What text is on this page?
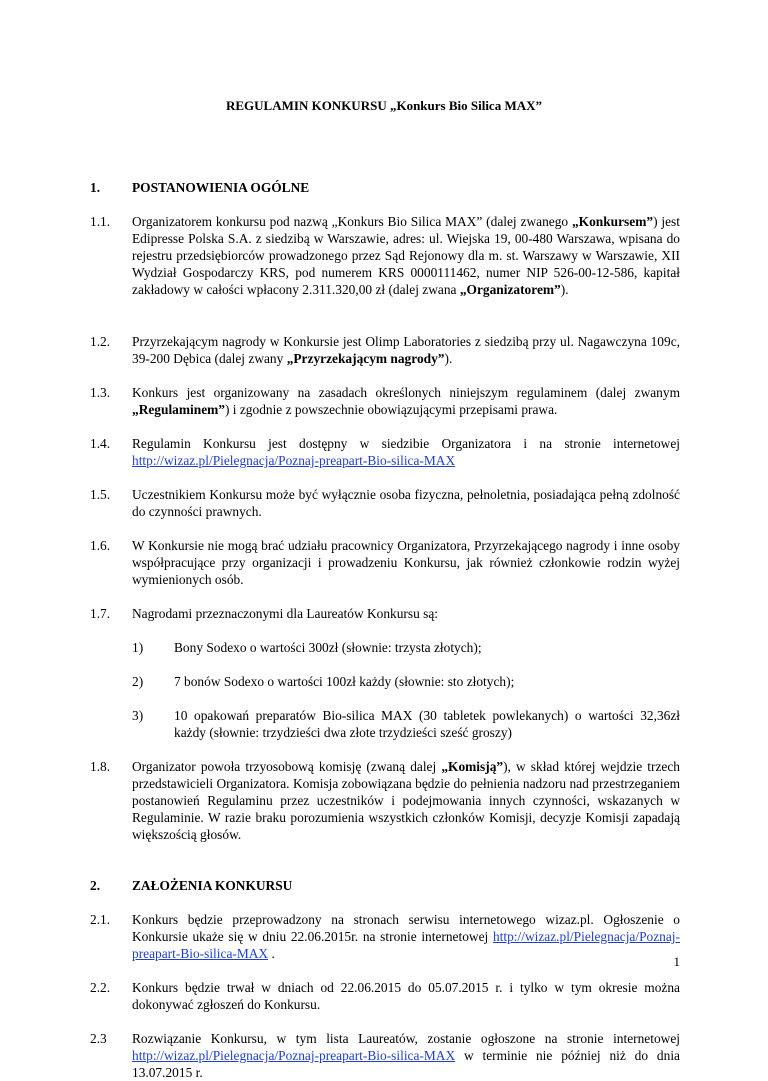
REGULAMIN KONKURSU „Konkurs Bio Silica MAX”
1. POSTANOWIENIA OGÓLNE
1.1. Organizatorem konkursu pod nazwą „Konkurs Bio Silica MAX” (dalej zwanego „Konkursem”) jest Edipresse Polska S.A. z siedzibą w Warszawie, adres: ul. Wiejska 19, 00-480 Warszawa, wpisana do rejestru przedsiębiorców prowadzonego przez Sąd Rejonowy dla m. st. Warszawy w Warszawie, XII Wydział Gospodarczy KRS, pod numerem KRS 0000111462, numer NIP 526-00-12-586, kapitał zakładowy w całości wpłacony 2.311.320,00 zł (dalej zwana „Organizatorem”).
1.2. Przyrzekającym nagrody w Konkursie jest Olimp Laboratories z siedzibą przy ul. Nagawczyna 109c, 39-200 Dębica (dalej zwany „Przyrzekającym nagrody”).
1.3. Konkurs jest organizowany na zasadach określonych niniejszym regulaminem (dalej zwanym „Regulaminem”) i zgodnie z powszechnie obowiązującymi przepisami prawa.
1.4. Regulamin Konkursu jest dostępny w siedzibie Organizatora i na stronie internetowej http://wizaz.pl/Pielegnacja/Poznaj-preapart-Bio-silica-MAX
1.5. Uczestnikiem Konkursu może być wyłącznie osoba fizyczna, pełnoletnia, posiadająca pełną zdolność do czynności prawnych.
1.6. W Konkursie nie mogą brać udziału pracownicy Organizatora, Przyrzekającego nagrody i inne osoby współpracujące przy organizacji i prowadzeniu Konkursu, jak również członkowie rodzin wyżej wymienionych osób.
1.7. Nagrodami przeznaczonymi dla Laureatów Konkursu są:
1) Bony Sodexo o wartości 300zł (słownie: trzysta złotych);
2) 7 bonów Sodexo o wartości 100zł każdy (słownie: sto złotych);
3) 10 opakowań preparatów Bio-silica MAX (30 tabletek powlekanych) o wartości 32,36zł każdy (słownie: trzydzieści dwa złote trzydzieści sześć groszy)
1.8. Organizator powoła trzyosobową komisję (zwaną dalej „Komisją”), w skład której wejdzie trzech przedstawicieli Organizatora. Komisja zobowiązana będzie do pełnienia nadzoru nad przestrzeganiem postanowień Regulaminu przez uczestników i podejmowania innych czynności, wskazanych w Regulaminie. W razie braku porozumienia wszystkich członków Komisji, decyzje Komisji zapadają większością głosów.
2. ZAŁOŻENIA KONKURSU
1
2.1. Konkurs będzie przeprowadzony na stronach serwisu internetowego wizaz.pl. Ogłoszenie o Konkursie ukaże się w dniu 22.06.2015r. na stronie internetowej http://wizaz.pl/Pielegnacja/Poznaj-preapart-Bio-silica-MAX .
2.2. Konkurs będzie trwał w dniach od 22.06.2015 do 05.07.2015 r. i tylko w tym okresie można dokonywać zgłoszeń do Konkursu.
2.3 Rozwiązanie Konkursu, w tym lista Laureatów, zostanie ogłoszone na stronie internetowej http://wizaz.pl/Pielegnacja/Poznaj-preapart-Bio-silica-MAX w terminie nie później niż do dnia 13.07.2015 r.
